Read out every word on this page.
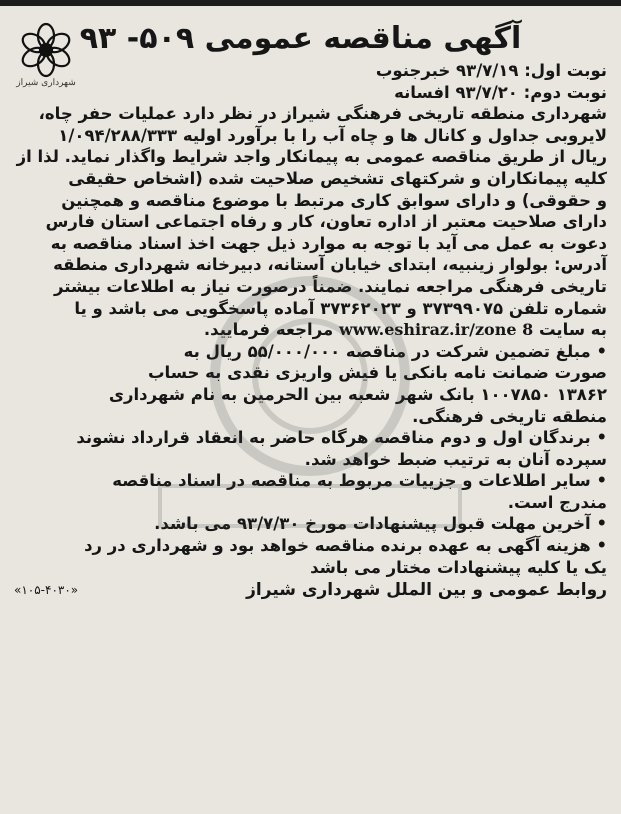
شهرداری شیراز
آگهی مناقصه عمومی ۵۰۹- ۹۳
نوبت اول: ۹۳/۷/۱۹ خبرجنوب
نوبت دوم: ۹۳/۷/۲۰ افسانه
شهرداری منطقه تاریخی فرهنگی شیراز در نظر دارد عملیات حفر چاه،
لایروبی جداول و کانال ها و چاه آب را با برآورد اولیه ۱/۰۹۴/۲۸۸/۳۳۳
ریال از طریق مناقصه عمومی به پیمانکار واجد شرایط واگذار نماید. لذا از
کلیه پیمانکاران و شرکتهای تشخیص صلاحیت شده (اشخاص حقیقی
و حقوقی) و دارای سوابق کاری مرتبط با موضوع مناقصه و همچنین
دارای صلاحیت معتبر از اداره تعاون، کار و رفاه اجتماعی استان فارس
دعوت به عمل می آید با توجه به موارد ذیل جهت اخذ اسناد مناقصه به
آدرس: بولوار زینبیه، ابتدای خیابان آستانه، دبیرخانه شهرداری منطقه
تاریخی فرهنگی مراجعه نمایند. ضمناً درصورت نیاز به اطلاعات بیشتر
شماره تلفن ۳۷۳۹۹۰۷۵ و ۳۷۳۶۲۰۲۳ آماده پاسخگویی می باشد و یا
به سایت www.eshiraz.ir/zone 8 مراجعه فرمایید.
• مبلغ تضمین شرکت در مناقصه ۵۵/۰۰۰/۰۰۰ ریال به
صورت ضمانت نامه بانکی یا فیش واریزی نقدی به حساب
۱۳۸۶۲ ۱۰۰۷۸۵۰ بانک شهر شعبه بین الحرمین به نام شهرداری
منطقه تاریخی فرهنگی.
• برندگان اول و دوم مناقصه هرگاه حاضر به انعقاد قرارداد نشوند
سپرده آنان به ترتیب ضبط خواهد شد.
• سایر اطلاعات و جزییات مربوط به مناقصه در اسناد مناقصه
مندرج است.
• آخرین مهلت قبول پیشنهادات مورخ ۹۳/۷/۳۰ می باشد.
• هزینه آگهی به عهده برنده مناقصه خواهد بود و شهرداری در رد
یک یا کلیه پیشنهادات مختار می باشد
روابط عمومی و بین الملل شهرداری شیراز
«۱۰۵-۴۰۳۰»
